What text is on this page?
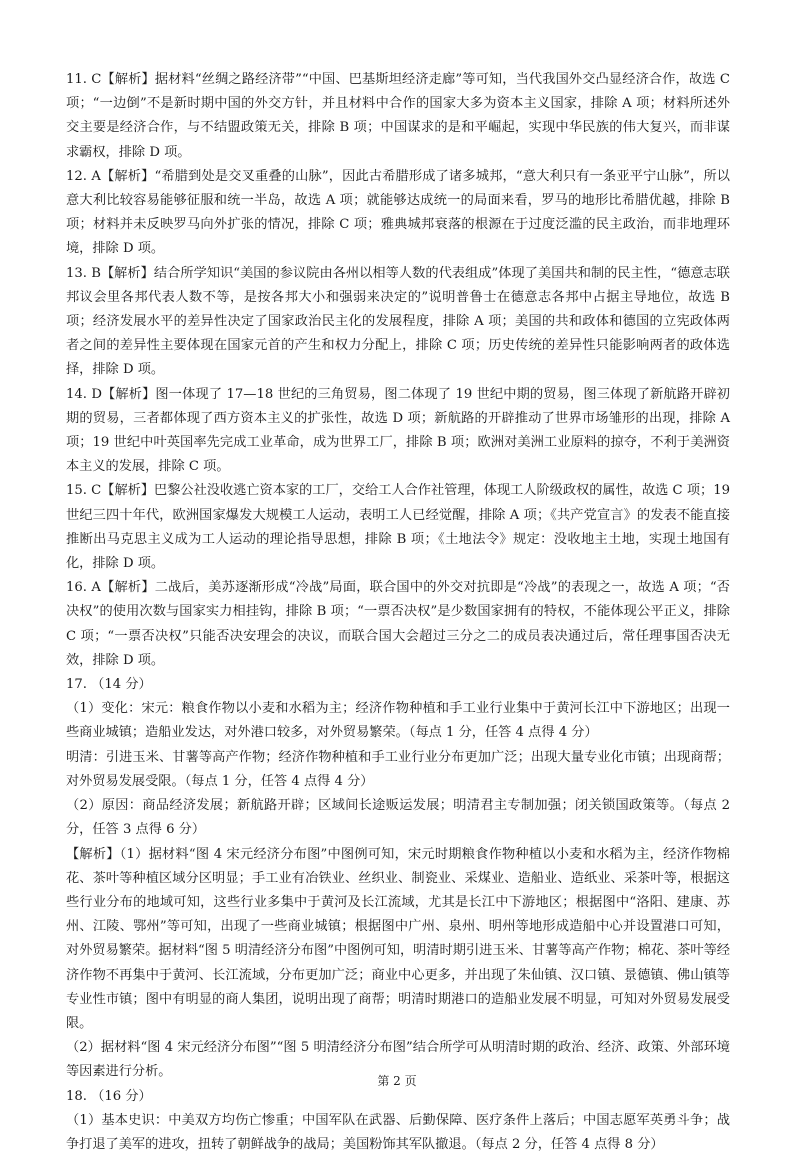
11. C【解析】据材料“丝绸之路经济带”“中国、巴基斯坦经济走廊”等可知，当代我国外交凸显经济合作，故选 C 项；“一边倒”不是新时期中国的外交方针，并且材料中合作的国家大多为资本主义国家，排除 A 项；材料所述外交主要是经济合作，与不结盟政策无关，排除 B 项；中国谋求的是和平崛起，实现中华民族的伟大复兴，而非谋求霸权，排除 D 项。

12. A【解析】“希腊到处是交叉重叠的山脉”，因此古希腊形成了诸多城邦，“意大利只有一条亚平宁山脉”，所以意大利比较容易能够征服和统一半岛，故选 A 项；就能够达成统一的局面来看，罗马的地形比希腊优越，排除 B 项；材料并未反映罗马向外扩张的情况，排除 C 项；雅典城邦衰落的根源在于过度泛滥的民主政治，而非地理环境，排除 D 项。

13. B【解析】结合所学知识“美国的参议院由各州以相等人数的代表组成”体现了美国共和制的民主性，“德意志联邦议会里各邦代表人数不等，是按各邦大小和强弱来决定的”说明普鲁士在德意志各邦中占据主导地位，故选 B 项；经济发展水平的差异性决定了国家政治民主化的发展程度，排除 A 项；美国的共和政体和德国的立宪政体两者之间的差异性主要体现在国家元首的产生和权力分配上，排除 C 项；历史传统的差异性只能影响两者的政体选择，排除 D 项。

14. D【解析】图一体现了 17—18 世纪的三角贸易，图二体现了 19 世纪中期的贸易，图三体现了新航路开辟初期的贸易，三者都体现了西方资本主义的扩张性，故选 D 项；新航路的开辟推动了世界市场雏形的出现，排除 A 项；19 世纪中叶英国率先完成工业革命，成为世界工厂，排除 B 项；欧洲对美洲工业原料的掠夺，不利于美洲资本主义的发展，排除 C 项。

15. C【解析】巴黎公社没收逃亡资本家的工厂，交给工人合作社管理，体现工人阶级政权的属性，故选 C 项；19 世纪三四十年代，欧洲国家爆发大规模工人运动，表明工人已经觉醒，排除 A 项；《共产党宣言》的发表不能直接推断出马克思主义成为工人运动的理论指导思想，排除 B 项；《土地法令》规定：没收地主土地，实现土地国有化，排除 D 项。

16. A【解析】二战后，美苏逐渐形成“冷战”局面，联合国中的外交对抗即是“冷战”的表现之一，故选 A 项；“否决权”的使用次数与国家实力相挂钩，排除 B 项；“一票否决权”是少数国家拥有的特权，不能体现公平正义，排除 C 项；“一票否决权”只能否决安理会的决议，而联合国大会超过三分之二的成员表决通过后，常任理事国否决无效，排除 D 项。

17. （14 分）

（1）变化：宋元：粮食作物以小麦和水稻为主；经济作物种植和手工业行业集中于黄河长江中下游地区；出现一些商业城镇；造船业发达，对外港口较多，对外贸易繁荣。（每点 1 分，任答 4 点得 4 分）

明清：引进玉米、甘薯等高产作物；经济作物种植和手工业行业分布更加广泛；出现大量专业化市镇；出现商帮；对外贸易发展受限。（每点 1 分，任答 4 点得 4 分）

（2）原因：商品经济发展；新航路开辟；区域间长途贩运发展；明清君主专制加强；闭关锁国政策等。（每点 2 分，任答 3 点得 6 分）

【解析】（1）据材料“图 4 宋元经济分布图”中图例可知，宋元时期粮食作物种植以小麦和水稻为主，经济作物棉花、茶叶等种植区域分区明显；手工业有冶铁业、丝织业、制瓷业、采煤业、造船业、造纸业、采茶叶等，根据这些行业分布的地域可知，这些行业多集中于黄河及长江流域，尤其是长江中下游地区；根据图中“洛阳、建康、苏州、江陵、鄂州”等可知，出现了一些商业城镇；根据图中广州、泉州、明州等地形成造船中心并设置港口可知，对外贸易繁荣。据材料“图 5 明清经济分布图”中图例可知，明清时期引进玉米、甘薯等高产作物；棉花、茶叶等经济作物不再集中于黄河、长江流域，分布更加广泛；商业中心更多，并出现了朱仙镇、汉口镇、景德镇、佛山镇等专业性市镇；图中有明显的商人集团，说明出现了商帮；明清时期港口的造船业发展不明显，可知对外贸易发展受限。

（2）据材料“图 4 宋元经济分布图”“图 5 明清经济分布图”结合所学可从明清时期的政治、经济、政策、外部环境等因素进行分析。

18. （16 分）

（1）基本史识：中美双方均伤亡惨重；中国军队在武器、后勤保障、医疗条件上落后；中国志愿军英勇斗争；战争打退了美军的进攻，扭转了朝鲜战争的战局；美国粉饰其军队撤退。（每点 2 分，任答 4 点得 8 分）

第 2 页
